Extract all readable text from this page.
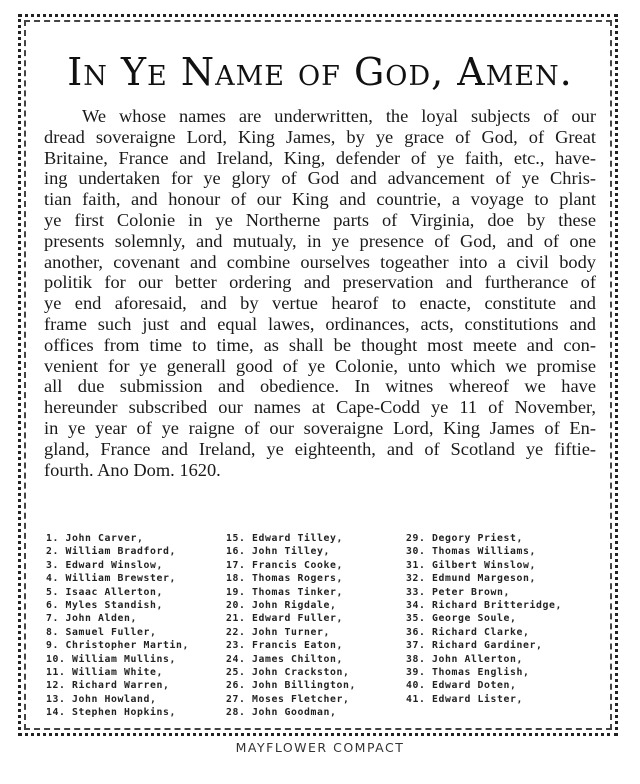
In Ye Name of God, Amen.
We whose names are underwritten, the loyal subjects of our
dread soveraigne Lord, King James, by ye grace of God, of Great
Britaine, France and Ireland, King, defender of ye faith, etc., have-
ing undertaken for ye glory of God and advancement of ye Chris-
tian faith, and honour of our King and countrie, a voyage to plant
ye first Colonie in ye Northerne parts of Virginia, doe by these
presents solemnly, and mutualy, in ye presence of God, and of one
another, covenant and combine ourselves togeather into a civil body
politik for our better ordering and preservation and furtherance of
ye end aforesaid, and by vertue hearof to enacte, constitute and
frame such just and equal lawes, ordinances, acts, constitutions and
offices from time to time, as shall be thought most meete and con-
venient for ye generall good of ye Colonie, unto which we promise
all due submission and obedience. In witnes whereof we have
hereunder subscribed our names at Cape-Codd ye 11 of November,
in ye year of ye raigne of our soveraigne Lord, King James of En-
gland, France and Ireland, ye eighteenth, and of Scotland ye fiftie-
fourth. Ano Dom. 1620.
1. John Carver,
2. William Bradford,
3. Edward Winslow,
4. William Brewster,
5. Isaac Allerton,
6. Myles Standish,
7. John Alden,
8. Samuel Fuller,
9. Christopher Martin,
10. William Mullins,
11. William White,
12. Richard Warren,
13. John Howland,
14. Stephen Hopkins,
15. Edward Tilley,
16. John Tilley,
17. Francis Cooke,
18. Thomas Rogers,
19. Thomas Tinker,
20. John Rigdale,
21. Edward Fuller,
22. John Turner,
23. Francis Eaton,
24. James Chilton,
25. John Crackston,
26. John Billington,
27. Moses Fletcher,
28. John Goodman,
29. Degory Priest,
30. Thomas Williams,
31. Gilbert Winslow,
32. Edmund Margeson,
33. Peter Brown,
34. Richard Britteridge,
35. George Soule,
36. Richard Clarke,
37. Richard Gardiner,
38. John Allerton,
39. Thomas English,
40. Edward Doten,
41. Edward Lister,
MAYFLOWER COMPACT
